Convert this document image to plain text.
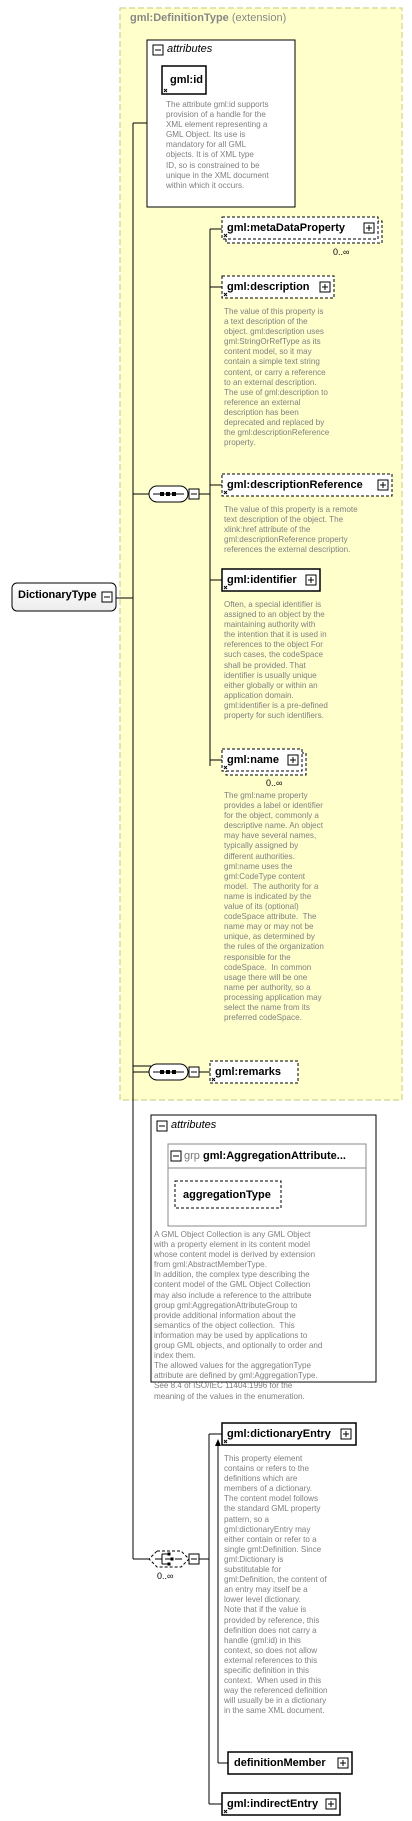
gml:DefinitionType (extension)
DictionaryType
attributes
gml:id
The attribute gml:id supports
provision of a handle for the
XML element representing a
GML Object. Its use is
mandatory for all GML
objects. It is of XML type
ID, so is constrained to be
unique in the XML document
within which it occurs.
gml:metaDataProperty
0..∞
gml:description
The value of this property is
a text description of the
object. gml:description uses
gml:StringOrRefType as its
content model, so it may
contain a simple text string
content, or carry a reference
to an external description.
The use of gml:description to
reference an external
description has been
deprecated and replaced by
the gml:descriptionReference
property.
gml:descriptionReference
The value of this property is a remote
text description of the object. The
xlink:href attribute of the
gml:descriptionReference property
references the external description.
gml:identifier
Often, a special identifier is
assigned to an object by the
maintaining authority with
the intention that it is used in
references to the object For
such cases, the codeSpace
shall be provided. That
identifier is usually unique
either globally or within an
application domain.
gml:identifier is a pre-defined
property for such identifiers.
gml:name
0..∞
The gml:name property
provides a label or identifier
for the object, commonly a
descriptive name. An object
may have several names,
typically assigned by
different authorities.
gml:name uses the
gml:CodeType content
model.  The authority for a
name is indicated by the
value of its (optional)
codeSpace attribute.  The
name may or may not be
unique, as determined by
the rules of the organization
responsible for the
codeSpace.  In common
usage there will be one
name per authority, so a
processing application may
select the name from its
preferred codeSpace.
gml:remarks
attributes
grp gml:AggregationAttribute...
aggregationType
A GML Object Collection is any GML Object
with a property element in its content model
whose content model is derived by extension
from gml:AbstractMemberType.
In addition, the complex type describing the
content model of the GML Object Collection
may also include a reference to the attribute
group gml:AggregationAttributeGroup to
provide additional information about the
semantics of the object collection.  This
information may be used by applications to
group GML objects, and optionally to order and
index them.
The allowed values for the aggregationType
attribute are defined by gml:AggregationType.
See 8.4 of ISO/IEC 11404:1996 for the
meaning of the values in the enumeration.
0..∞
gml:dictionaryEntry
This property element
contains or refers to the
definitions which are
members of a dictionary.
The content model follows
the standard GML property
pattern, so a
gml:dictionaryEntry may
either contain or refer to a
single gml:Definition. Since
gml:Dictionary is
substitutable for
gml:Definition, the content of
an entry may itself be a
lower level dictionary.
Note that if the value is
provided by reference, this
definition does not carry a
handle (gml:id) in this
context, so does not allow
external references to this
specific definition in this
context.  When used in this
way the referenced definition
will usually be in a dictionary
in the same XML document.
definitionMember
gml:indirectEntry
